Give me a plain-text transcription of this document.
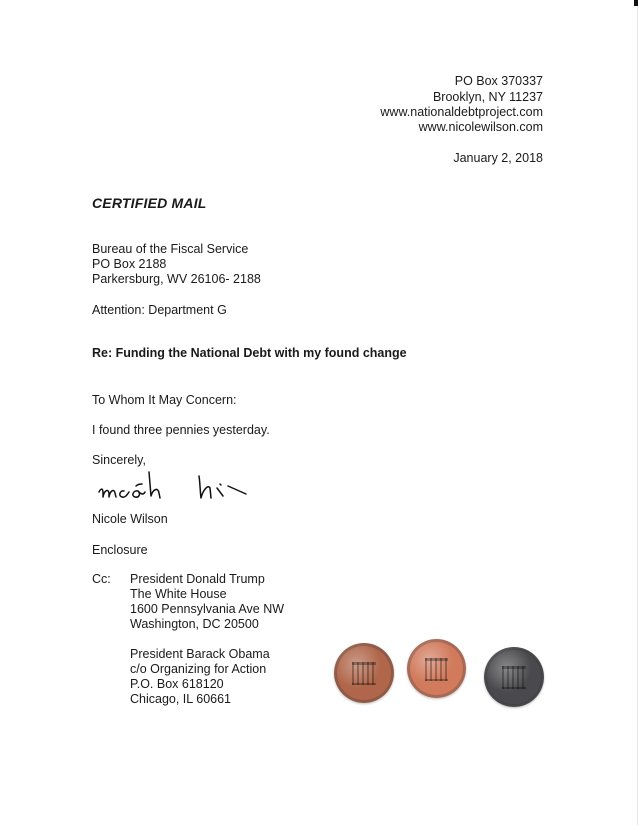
PO Box 370337
Brooklyn, NY 11237
www.nationaldebtproject.com
www.nicolewilson.com
January 2, 2018
CERTIFIED MAIL
Bureau of the Fiscal Service
PO Box 2188
Parkersburg, WV 26106- 2188
Attention: Department G
Re: Funding the National Debt with my found change
To Whom It May Concern:
I found three pennies yesterday.
Sincerely,
Nicole Wilson
Enclosure
Cc: President Donald Trump
The White House
1600 Pennsylvania Ave NW
Washington, DC 20500
President Barack Obama
c/o Organizing for Action
P.O. Box 618120
Chicago, IL 60661
